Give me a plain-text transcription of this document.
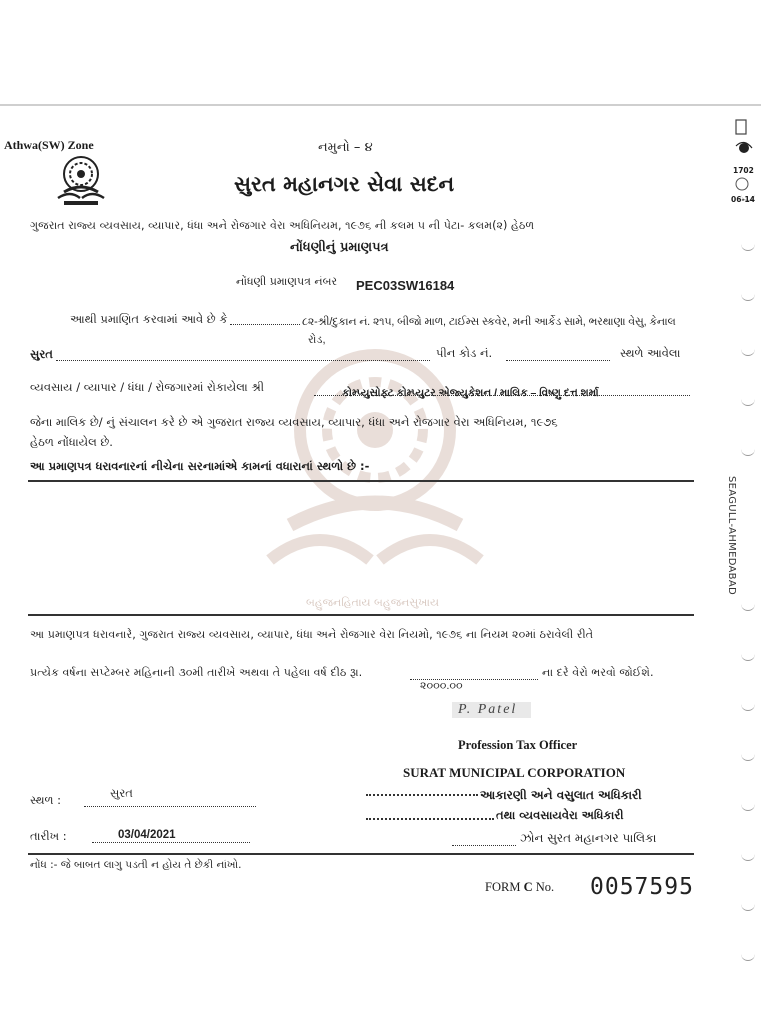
1702
06-14
SEAGULL-AHMEDABAD
Athwa(SW) Zone	નમુનો – ૪
સુરત મહાનગર સેવા સદન
ગુજરાત રાજ્ય વ્યવસાય, વ્યાપાર, ધંધા અને રોજગાર વેરા અધિનિયમ, ૧૯૭૬ ની કલમ ૫ ની પેટા- કલમ(૨) હેઠળ
નોંધણીનું પ્રમાણપત્ર
નોંધણી પ્રમાણપત્ર નંબર PEC03SW16184
બહુજનહિતાય બહુજનસુખાય
આથી પ્રમાણિત કરવામાં આવે છે કે	૮૨-શ્રી/દુકાન નં. ૨૧૫, બીજો માળ, ટાઈમ્સ સ્કવેર, મની આર્કેડ સામે, ભરથાણા વેસુ, કેનાલ
રોડ,
સુરત	પીન કોડ નં.	સ્થળે આવેલા
વ્યવસાય / વ્યાપાર / ધંધા / રોજગારમાં રોકાયેલા શ્રી	કોમ્પ્યુસોફ્ટ કોમ્પ્યુટર એજ્યુકેશન / માલિક – વિષ્ણુ દત્ત શર્મા
જેના માલિક છે/ નું સંચાલન કરે છે એ ગુજરાત રાજ્ય વ્યવસાય, વ્યાપાર, ધંધા અને રોજગાર વેરા અધિનિયમ, ૧૯૭૬
હેઠળ નોંધાયેલ છે.
આ પ્રમાણપત્ર ધરાવનારનાં નીચેના સરનામાંએ કામનાં વધારાનાં સ્થળો છે :-
આ પ્રમાણપત્ર ધરાવનારે, ગુજરાત રાજ્ય વ્યવસાય, વ્યાપાર, ધંધા અને રોજગાર વેરા નિયમો, ૧૯૭૬ ના નિયમ ૨૦માં ઠરાવેલી રીતે
પ્રત્યેક વર્ષના સપ્ટેમ્બર મહિનાની ૩૦મી તારીખે અથવા તે પહેલા વર્ષ દીઠ રૂા.	ના દરે વેરો ભરવો જોઈશે.
૨૦૦૦.૦૦
P. Patel
Profession Tax Officer
SURAT MUNICIPAL CORPORATION
આકારણી અને વસુલાત અધિકારી
તથા વ્યવસાયવેરા અધિકારી
ઝોન સુરત મહાનગર પાલિકા
સ્થળ :	સુરત
તારીખ :	03/04/2021
નોંધ :- જે બાબત લાગુ પડતી ન હોય તે છેકી નાંખો.
FORM C No. 0057595
